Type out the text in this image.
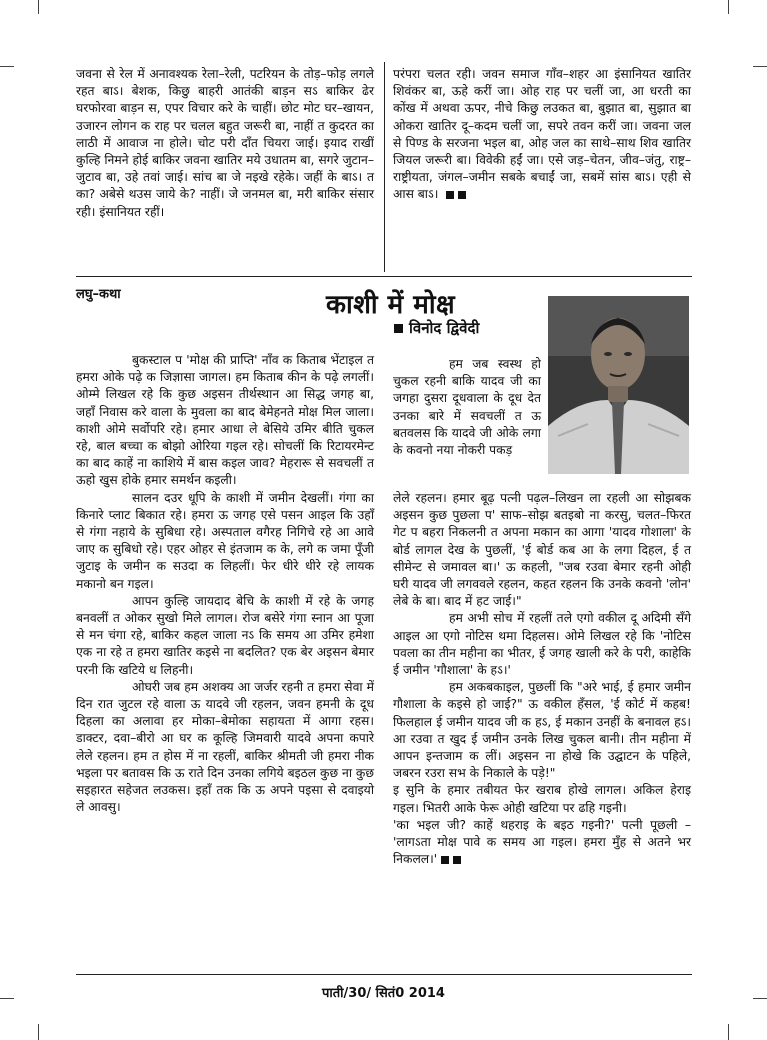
जवना से रेल में अनावश्यक रेला–रेली, पटरियन के तोड़–फोड़ लगले रहत बाऽ। बेशक, किछु बाहरी आतंकी बाड़न सऽ बाकिर ढेर घरफोरवा बाड़न स, एपर विचार करे के चाहीं। छोट मोट घर–खायन, उजारन लोगन क राह पर चलल बहुत जरूरी बा, नाहीं त कुदरत का लाठी में आवाज ना होले। चोट परी दाँत चियरा जाई। इयाद राखीं कुल्हि निमने होई बाकिर जवना खातिर मये उधातम बा, सगरे जुटान–जुटाव बा, उहे तवां जाई। सांच बा जे नइखे रहेके। जहीं के बाऽ। त का? अबेसे थउस जाये के? नाहीं। जे जनमल बा, मरी बाकिर संसार रही। इंसानियत रहीं।

परंपरा चलत रही। जवन समाज गाँव–शहर आ इंसानियत खातिर शिवंकर बा, ऊहे करीं जा। ओह राह पर चलीं जा, आ धरती का कोंख में अथवा ऊपर, नीचे किछु लउकत बा, बुझात बा, सुझात बा ओकरा खातिर दू–कदम चलीं जा, सपरे तवन करीं जा। जवना जल से पिण्ड के सरजना भइल बा, ओह जल का साथे–साथ शिव खातिर जियल जरूरी बा। विवेकी हईं जा। एसे जड़–चेतन, जीव–जंतु, राष्ट्र–राष्ट्रीयता, जंगल–जमीन सबके बचाईं जा, सबमें सांस बाऽ। एही से आस बाऽ।

लघु–कथा	काशी में मोक्ष
विनोद द्विवेदी

बुकस्टाल प 'मोक्ष की प्राप्ति' नाँव क किताब भेंटाइल त हमरा ओके पढ़े क जिज्ञासा जागल। हम किताब कीन के पढ़े लगलीं। ओम्मे लिखल रहे कि कुछ अइसन तीर्थस्थान आ सिद्ध जगह बा, जहाँ निवास करे वाला के मुवला का बाद बेमेहनते मोक्ष मिल जाला। काशी ओमे सर्वोपरि रहे। हमार आधा ले बेसिये उमिर बीति चुकल रहे, बाल बच्चा क बोझो ओरिया गइल रहे। सोचलीं कि रिटायरमेन्ट का बाद काहें ना काशिये में बास कइल जाव? मेहरारू से सवचलीं त ऊहो खुस होके हमार समर्थन कइली।

सालन दउर धूपि के काशी में जमीन देखलीं। गंगा का किनारे प्लाट बिकात रहे। हमरा ऊ जगह एसे पसन आइल कि उहाँ से गंगा नहाये के सुबिधा रहे। अस्पताल वगैरह निगिचे रहे आ आवे जाए क सुबिधो रहे। एहर ओहर से इंतजाम क के, लगे क जमा पूँजी जुटाइ के जमीन क सउदा क लिहलीं। फेर धीरे धीरे रहे लायक मकानो बन गइल।

आपन कुल्हि जायदाद बेचि के काशी में रहे के जगह बनवलीं त ओकर सुखो मिले लागल। रोज बसेरे गंगा स्नान आ पूजा से मन चंगा रहे, बाकिर कहल जाला नऽ कि समय आ उमिर हमेशा एक ना रहे त हमरा खातिर कइसे ना बदलित? एक बेर अइसन बेमार परनी कि खटिये ध लिहनी।

ओघरी जब हम अशक्य आ जर्जर रहनी त हमरा सेवा में दिन रात जुटल रहे वाला ऊ यादवे जी रहलन, जवन हमनी के दूध दिहला का अलावा हर मोका–बेमोका सहायता में आगा रहस। डाक्टर, दवा–बीरो आ घर क कूल्हि जिमवारी यादवे अपना कपारे लेले रहलन। हम त होस में ना रहलीं, बाकिर श्रीमती जी हमरा नीक भइला पर बतावस कि ऊ राते दिन उनका लगिये बइठल कुछ ना कुछ सइहारत सहेजत लउकस। इहाँ तक कि ऊ अपने पइसा से दवाइयो ले आवसु।

हम जब स्वस्थ हो चुकल रहनी बाकि यादव जी का जगहा दुसरा दूधवाला के दूध देत उनका बारे में सवचलीं त ऊ बतवलस कि यादवे जी ओके लगा के कवनो नया नोकरी पकड़

लेले रहलन। हमार बूढ़ पत्नी पढ़ल–लिखन ला रहली आ सोझबक अइसन कुछ पुछला प' साफ–सोझ बतइबो ना करसु, चलत–फिरत गेट प बहरा निकलनी त अपना मकान का आगा 'यादव गोशाला' के बोर्ड लागल देख के पुछलीं, 'ई बोर्ड कब आ के लगा दिहल, ई त सीमेन्ट से जमावल बा।' ऊ कहली, "जब रउवा बेमार रहनी ओही घरी यादव जी लगववले रहलन, कहत रहलन कि उनके कवनो 'लोन' लेबे के बा। बाद में हट जाई।"

हम अभी सोच में रहलीं तले एगो वकील दू अदिमी सँगे आइल आ एगो नोटिस थमा दिहलस। ओमे लिखल रहे कि 'नोटिस पवला का तीन महीना का भीतर, ई जगह खाली करे के परी, काहेकि ई जमीन 'गौशाला' के हऽ।'

हम अकबकाइल, पुछलीं कि "अरे भाई, ई हमार जमीन गौशाला के कइसे हो जाई?" ऊ वकील हँसल, 'ई कोर्ट में कहब! फिलहाल ई जमीन यादव जी क हऽ, ई मकान उनहीं के बनावल हऽ। आ रउवा त खुद ई जमीन उनके लिख चुकल बानी। तीन महीना में आपन इन्तजाम क लीं। अइसन ना होखे कि उद्घाटन के पहिले, जबरन रउरा सभ के निकाले के पड़े!"

इ सुनि के हमार तबीयत फेर खराब होखे लागल। अकिल हेराइ गइल। भितरी आके फेरू ओही खटिया पर ढहि गइनी।

'का भइल जी? काहें थहराइ के बइठ गइनी?' पत्नी पूछली – 'लागऽता मोक्ष पावे क समय आ गइल। हमरा मुँह से अतने भर निकलल।'

पाती/30/ सितं0 2014
